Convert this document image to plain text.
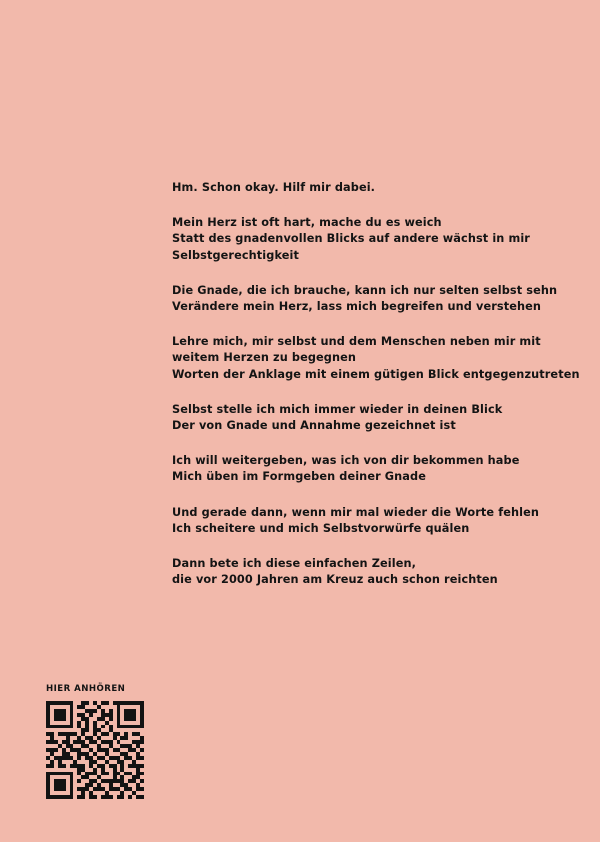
Hm. Schon okay. Hilf mir dabei.
Mein Herz ist oft hart, mache du es weich
Statt des gnadenvollen Blicks auf andere wächst in mir
Selbstgerechtigkeit
Die Gnade, die ich brauche, kann ich nur selten selbst sehn
Verändere mein Herz, lass mich begreifen und verstehen
Lehre mich, mir selbst und dem Menschen neben mir mit
weitem Herzen zu begegnen
Worten der Anklage mit einem gütigen Blick entgegenzutreten
Selbst stelle ich mich immer wieder in deinen Blick
Der von Gnade und Annahme gezeichnet ist
Ich will weitergeben, was ich von dir bekommen habe
Mich üben im Formgeben deiner Gnade
Und gerade dann, wenn mir mal wieder die Worte fehlen
Ich scheitere und mich Selbstvorwürfe quälen
Dann bete ich diese einfachen Zeilen,
die vor 2000 Jahren am Kreuz auch schon reichten
HIER ANHÖREN
